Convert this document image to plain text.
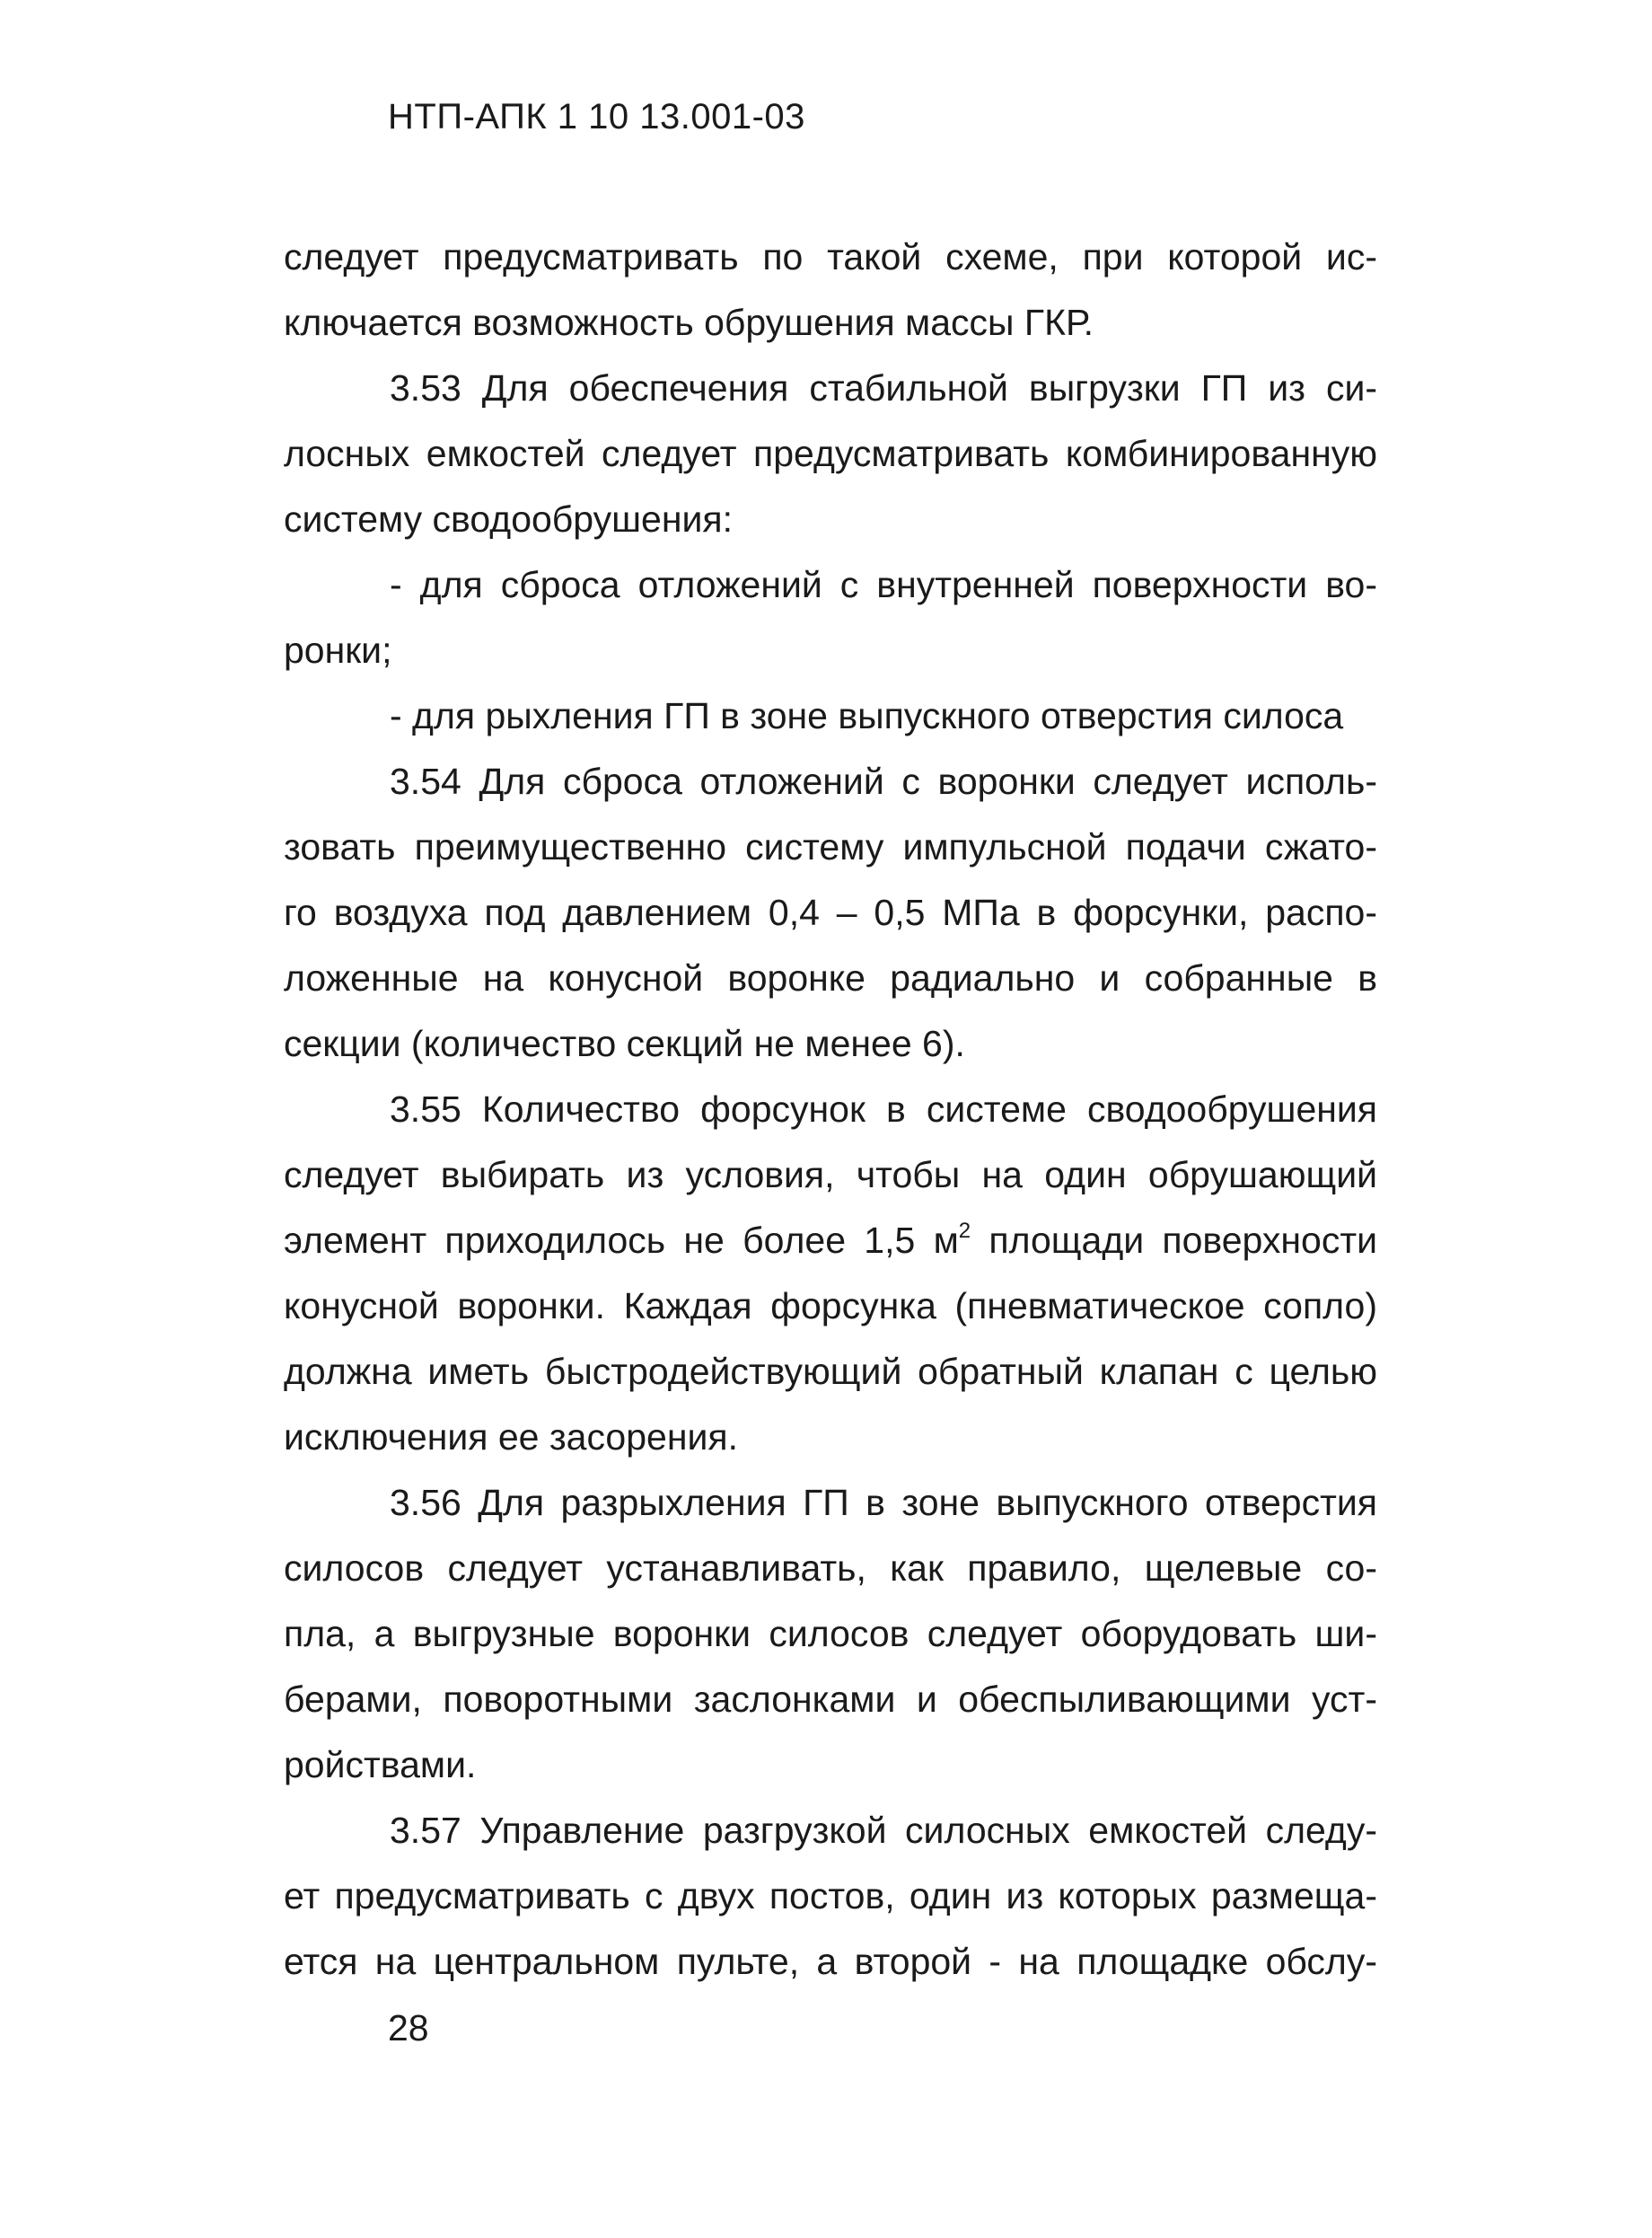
НТП-АПК 1 10 13.001-03
следует предусматривать по такой схеме, при которой ис-
ключается возможность обрушения массы ГКР.
3.53 Для обеспечения стабильной выгрузки ГП из си-
лосных емкостей следует предусматривать комбинированную
систему сводообрушения:
- для сброса отложений с внутренней поверхности во-
ронки;
- для рыхления ГП в зоне выпускного отверстия силоса
3.54 Для сброса отложений с воронки следует исполь-
зовать преимущественно систему импульсной подачи сжато-
го воздуха под давлением 0,4 – 0,5 МПа в форсунки, распо-
ложенные на конусной воронке радиально и собранные в
секции (количество секций не менее 6).
3.55 Количество форсунок в системе сводообрушения
следует выбирать из условия, чтобы на один обрушающий
элемент приходилось не более 1,5 $м^2$ площади поверхности
конусной воронки. Каждая форсунка (пневматическое сопло)
должна иметь быстродействующий обратный клапан с целью
исключения ее засорения.
3.56 Для разрыхления ГП в зоне выпускного отверстия
силосов следует устанавливать, как правило, щелевые со-
пла, а выгрузные воронки силосов следует оборудовать ши-
берами, поворотными заслонками и обеспыливающими уст-
ройствами.
3.57 Управление разгрузкой силосных емкостей следу-
ет предусматривать с двух постов, один из которых размеща-
ется на центральном пульте, а второй - на площадке обслу-
28
